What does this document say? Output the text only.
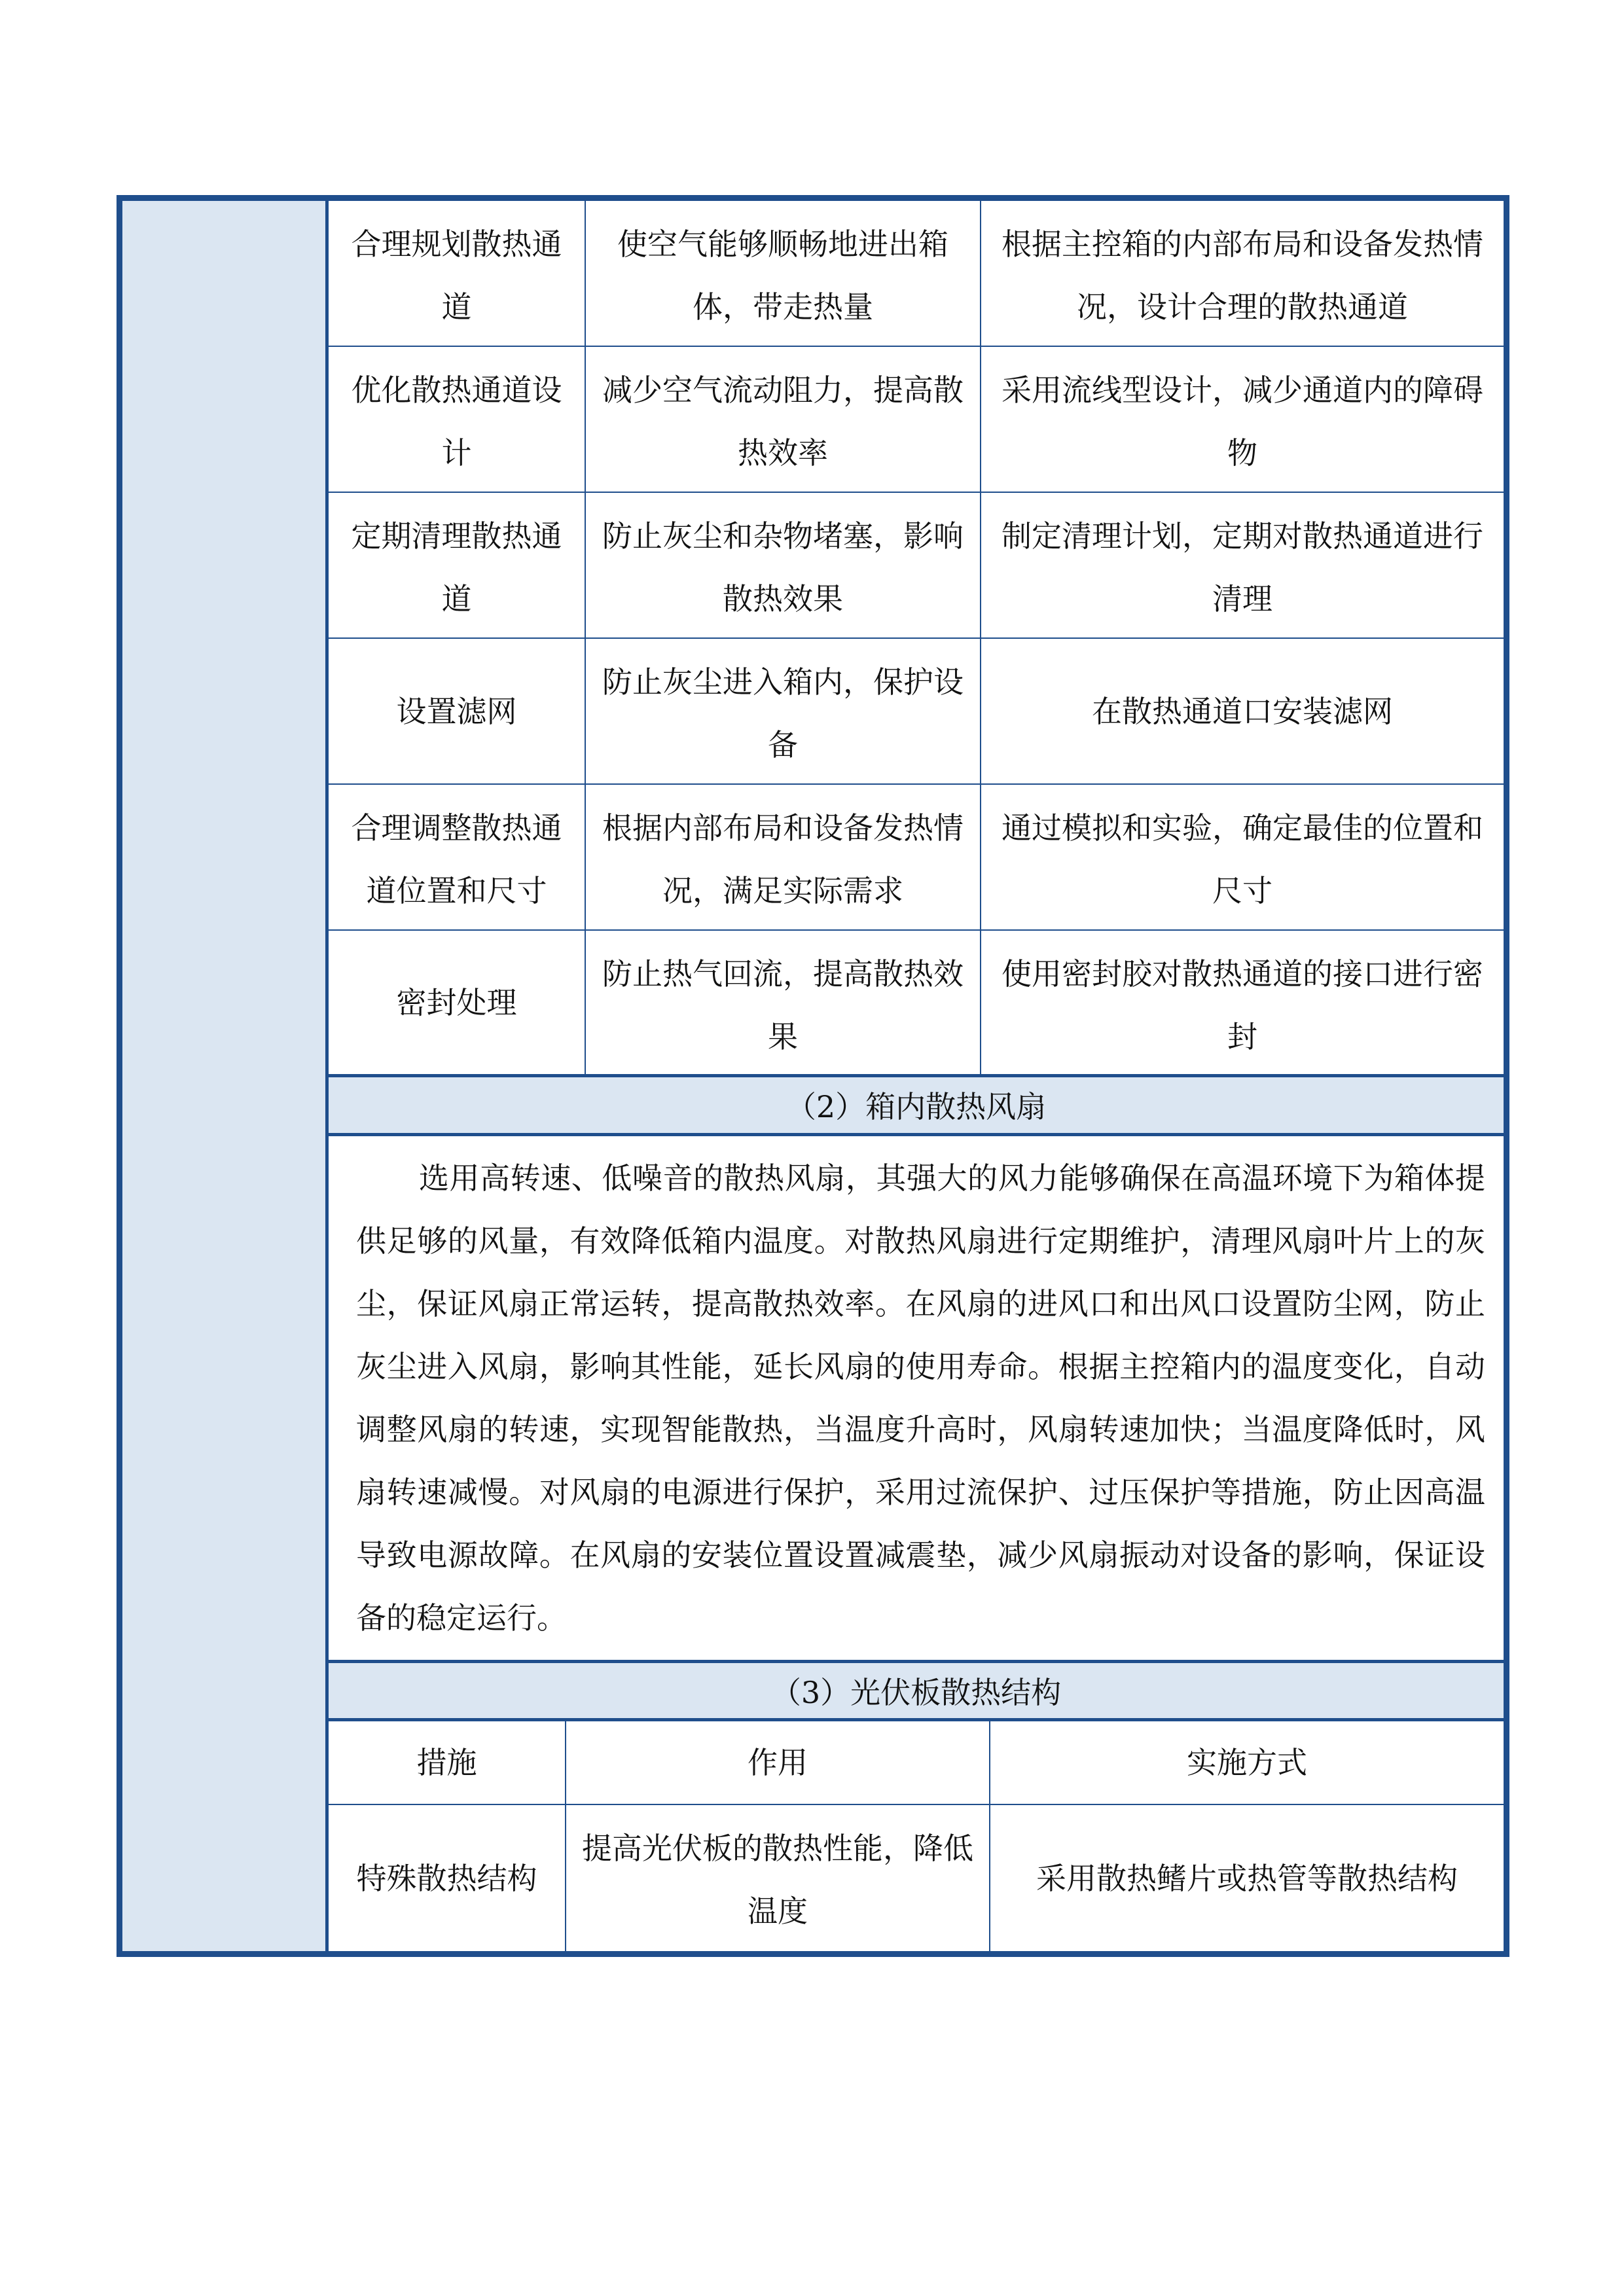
合理规划散热通道
使空气能够顺畅地进出箱体，带走热量
根据主控箱的内部布局和设备发热情况，设计合理的散热通道
优化散热通道设计
减少空气流动阻力，提高散热效率
采用流线型设计，减少通道内的障碍物
定期清理散热通道
防止灰尘和杂物堵塞，影响散热效果
制定清理计划，定期对散热通道进行清理
设置滤网
防止灰尘进入箱内，保护设备
在散热通道口安装滤网
合理调整散热通道位置和尺寸
根据内部布局和设备发热情况，满足实际需求
通过模拟和实验，确定最佳的位置和尺寸
密封处理
防止热气回流，提高散热效果
使用密封胶对散热通道的接口进行密封
（2）箱内散热风扇
选用高转速、低噪音的散热风扇，其强大的风力能够确保在高温环境下为箱体提供足够的风量，有效降低箱内温度。对散热风扇进行定期维护，清理风扇叶片上的灰尘，保证风扇正常运转，提高散热效率。在风扇的进风口和出风口设置防尘网，防止灰尘进入风扇，影响其性能，延长风扇的使用寿命。根据主控箱内的温度变化，自动调整风扇的转速，实现智能散热，当温度升高时，风扇转速加快；当温度降低时，风扇转速减慢。对风扇的电源进行保护，采用过流保护、过压保护等措施，防止因高温导致电源故障。在风扇的安装位置设置减震垫，减少风扇振动对设备的影响，保证设备的稳定运行。
（3）光伏板散热结构
措施	作用	实施方式
特殊散热结构
提高光伏板的散热性能，降低温度
采用散热鳍片或热管等散热结构
